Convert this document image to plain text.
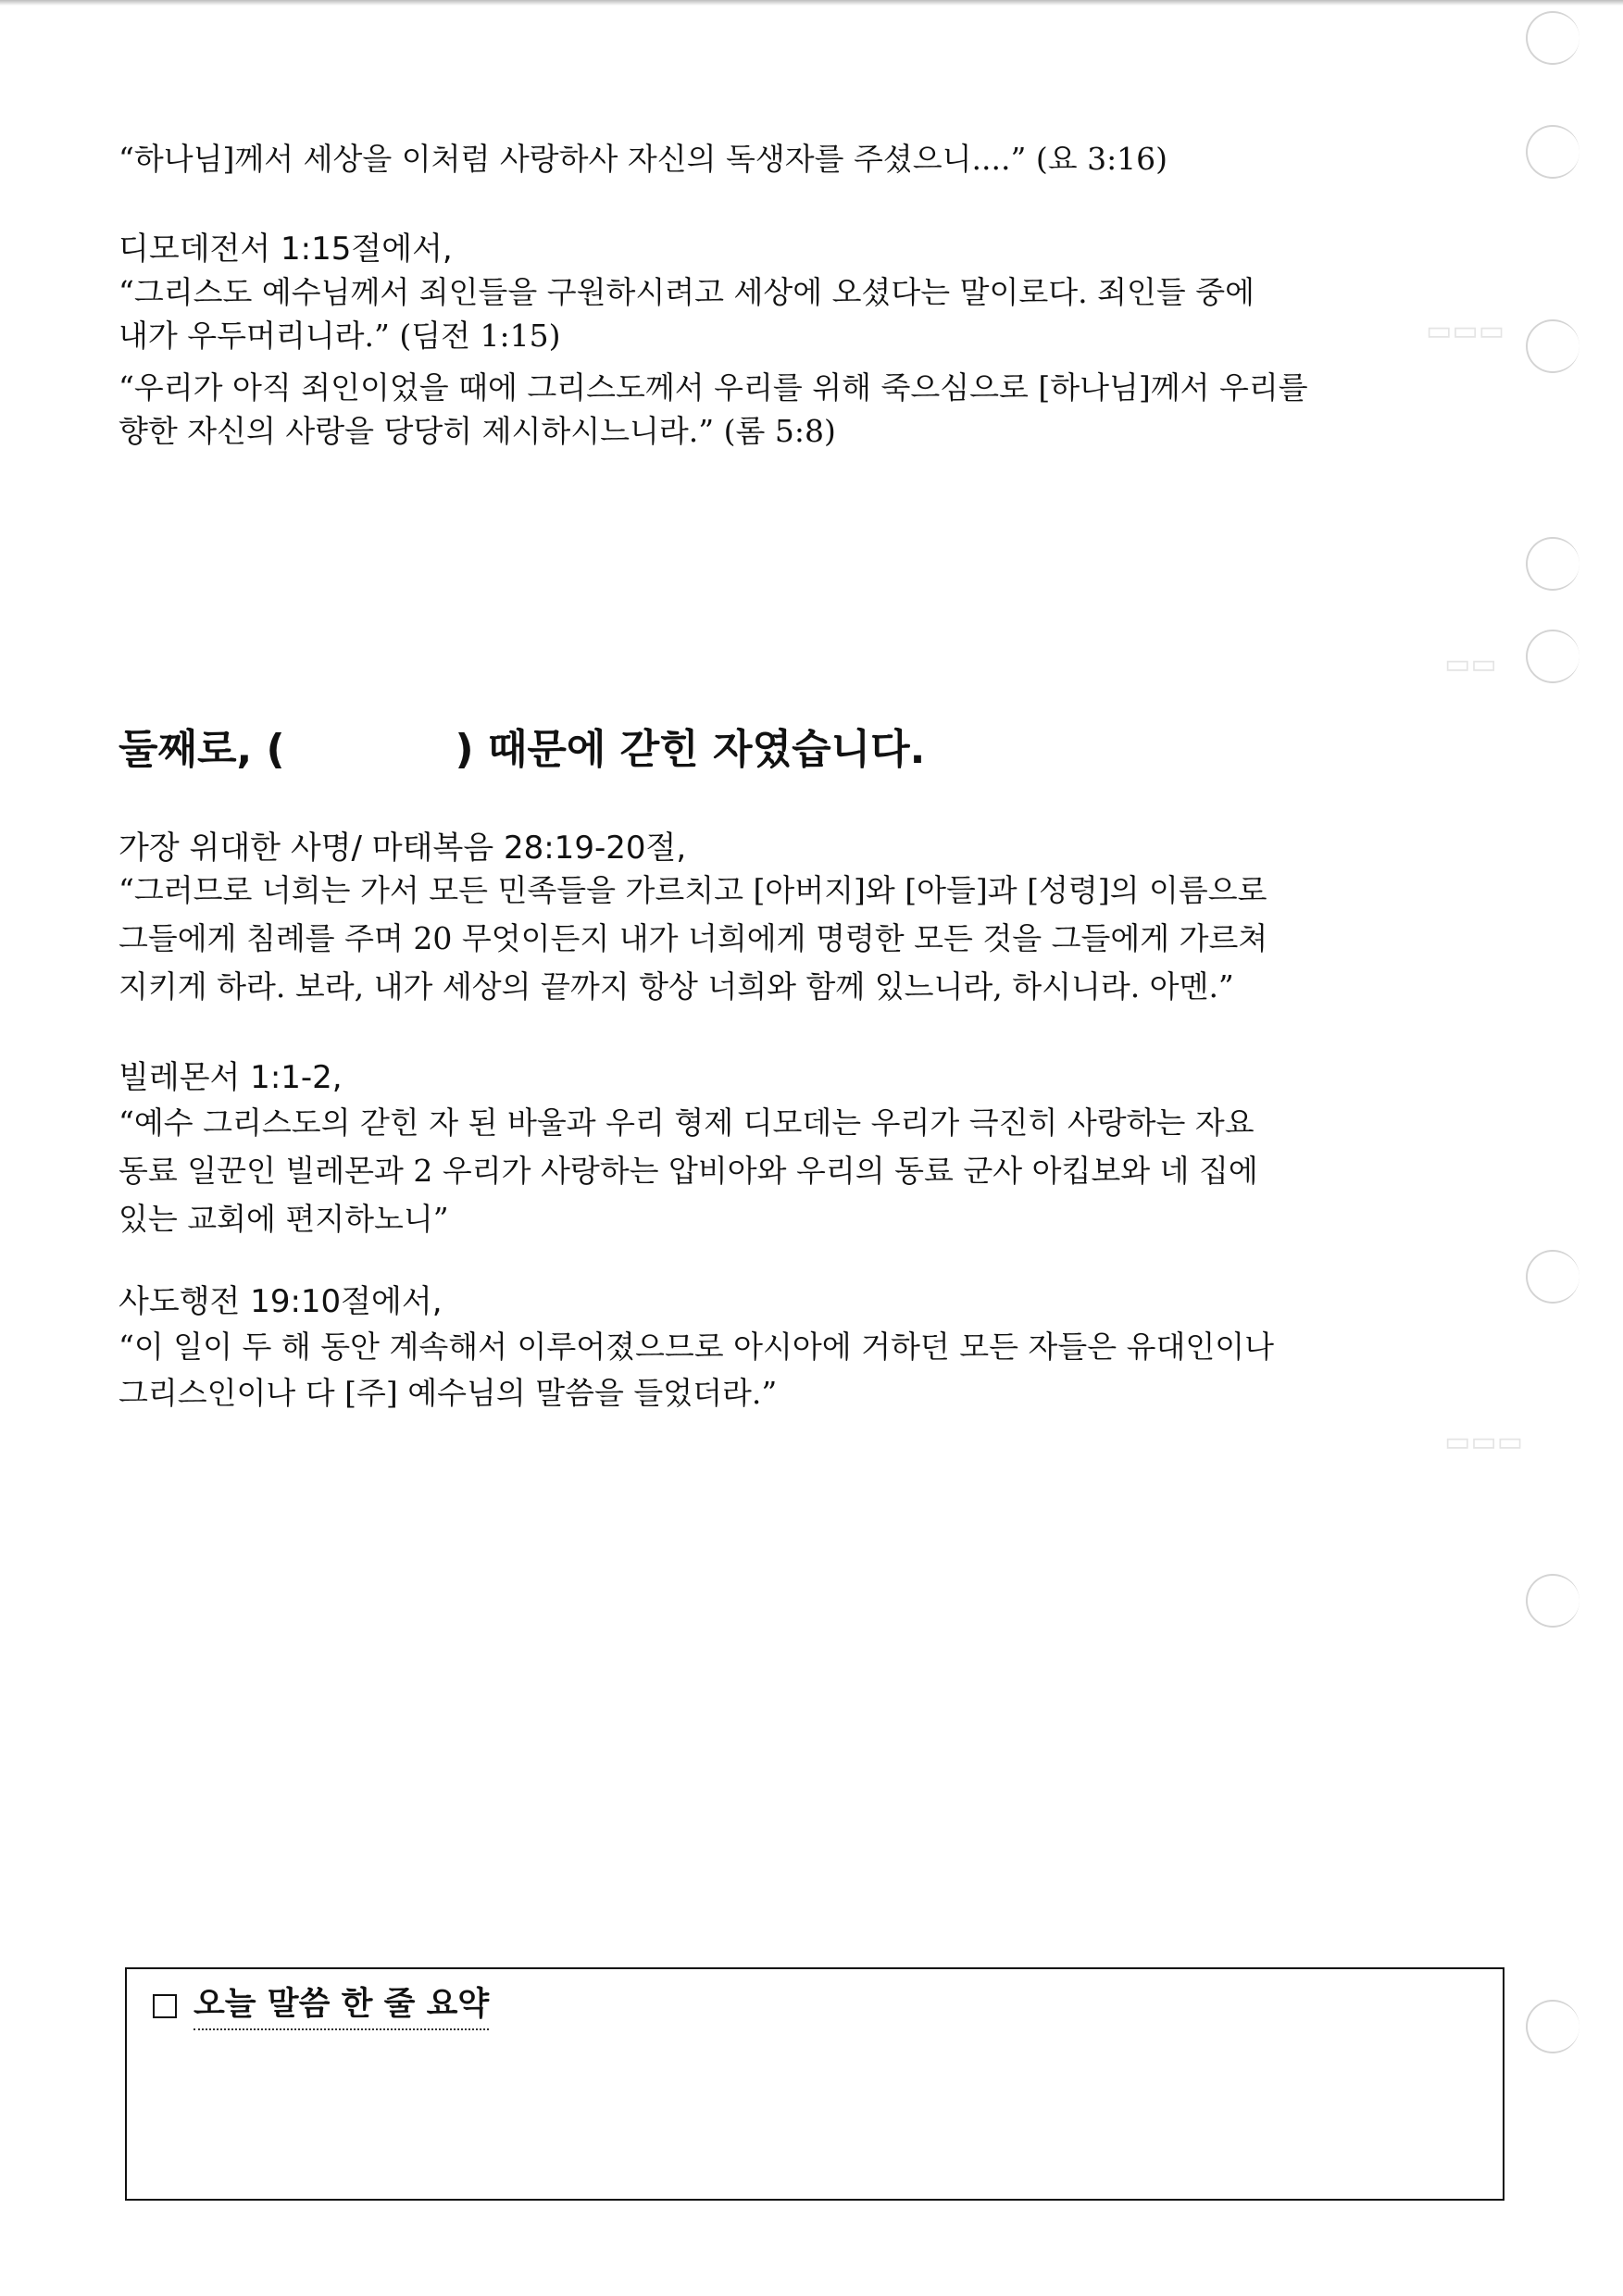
▭▭▭
▭▭
▭▭▭
“하나님]께서 세상을 이처럼 사랑하사 자신의 독생자를 주셨으니....” (요 3:16)
디모데전서 1:15절에서,
“그리스도 예수님께서 죄인들을 구원하시려고 세상에 오셨다는 말이로다. 죄인들 중에
내가 우두머리니라.” (딤전 1:15)
“우리가 아직 죄인이었을 때에 그리스도께서 우리를 위해 죽으심으로 [하나님]께서 우리를
향한 자신의 사랑을 당당히 제시하시느니라.” (롬 5:8)
둘째로, (            ) 때문에 갇힌 자였습니다.
가장 위대한 사명/ 마태복음 28:19-20절,
“그러므로 너희는 가서 모든 민족들을 가르치고 [아버지]와 [아들]과 [성령]의 이름으로
그들에게 침례를 주며 20 무엇이든지 내가 너희에게 명령한 모든 것을 그들에게 가르쳐
지키게 하라. 보라, 내가 세상의 끝까지 항상 너희와 함께 있느니라, 하시니라. 아멘.”
빌레몬서 1:1-2,
“예수 그리스도의 갇힌 자 된 바울과 우리 형제 디모데는 우리가 극진히 사랑하는 자요
동료 일꾼인 빌레몬과 2 우리가 사랑하는 압비아와 우리의 동료 군사 아킵보와 네 집에
있는 교회에 편지하노니”
사도행전 19:10절에서,
“이 일이 두 해 동안 계속해서 이루어졌으므로 아시아에 거하던 모든 자들은 유대인이나
그리스인이나 다 [주] 예수님의 말씀을 들었더라.”
오늘 말씀 한 줄 요약
